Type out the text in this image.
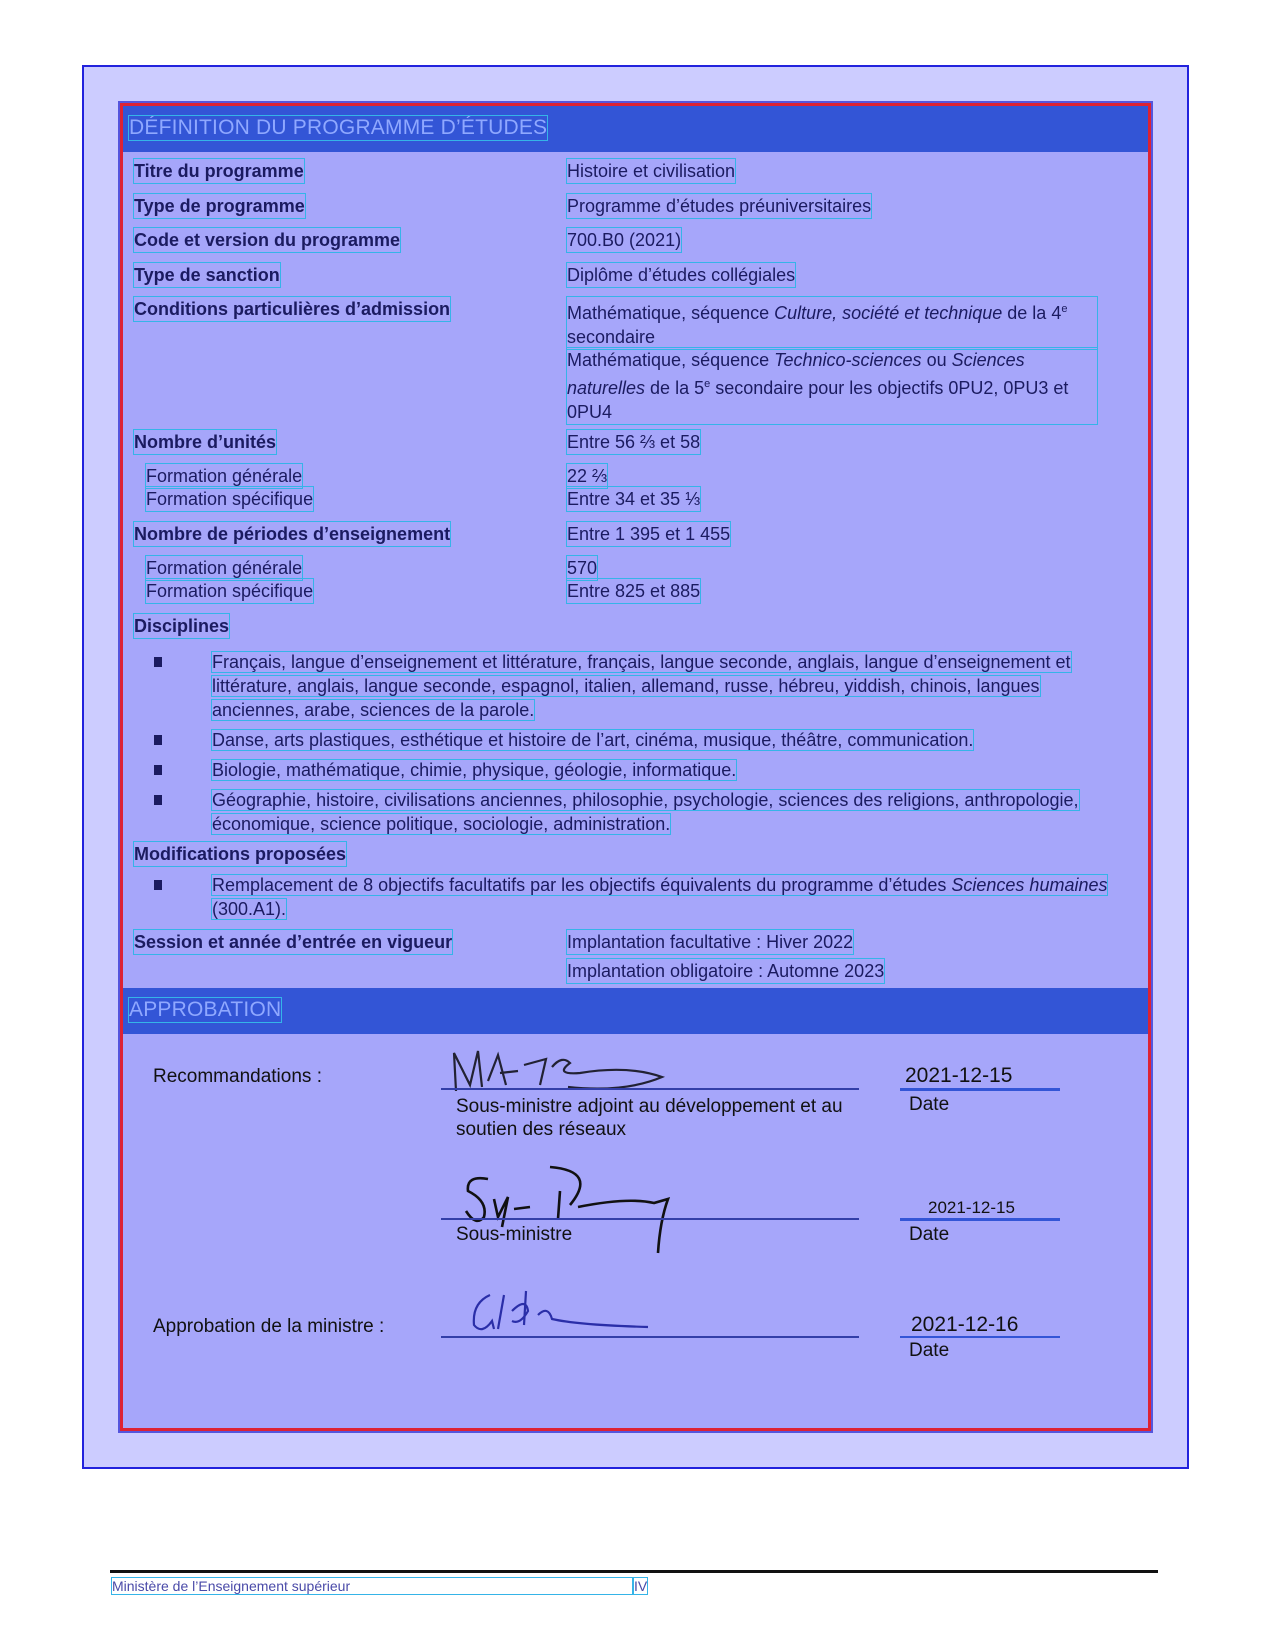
DÉFINITION DU PROGRAMME D’ÉTUDES
Titre du programme	Histoire et civilisation
Type de programme	Programme d’études préuniversitaires
Code et version du programme	700.B0 (2021)
Type de sanction	Diplôme d’études collégiales
Conditions particulières d’admission	Mathématique, séquence Culture, société et technique de la 4e secondaire
Mathématique, séquence Technico-sciences ou Sciences naturelles de la 5e secondaire pour les objectifs 0PU2, 0PU3 et 0PU4
Nombre d’unités	Entre 56 ⅔ et 58
Formation générale	22 ⅔
Formation spécifique	Entre 34 et 35 ⅓
Nombre de périodes d’enseignement	Entre 1 395 et 1 455
Formation générale	570
Formation spécifique	Entre 825 et 885
Disciplines
Français, langue d’enseignement et littérature, français, langue seconde, anglais, langue d’enseignement et littérature, anglais, langue seconde, espagnol, italien, allemand, russe, hébreu, yiddish, chinois, langues anciennes, arabe, sciences de la parole.
Danse, arts plastiques, esthétique et histoire de l’art, cinéma, musique, théâtre, communication.
Biologie, mathématique, chimie, physique, géologie, informatique.
Géographie, histoire, civilisations anciennes, philosophie, psychologie, sciences des religions, anthropologie, économique, science politique, sociologie, administration.
Modifications proposées
Remplacement de 8 objectifs facultatifs par les objectifs équivalents du programme d’études Sciences humaines (300.A1).
Session et année d’entrée en vigueur	Implantation facultative : Hiver 2022
Implantation obligatoire : Automne 2023
APPROBATION
Recommandations :
Sous-ministre adjoint au développement et au soutien des réseaux
2021-12-15
Date
Sous-ministre
2021-12-15
Date
Approbation de la ministre :	2021-12-16
Date
Ministère de l’Enseignement supérieur	IV
